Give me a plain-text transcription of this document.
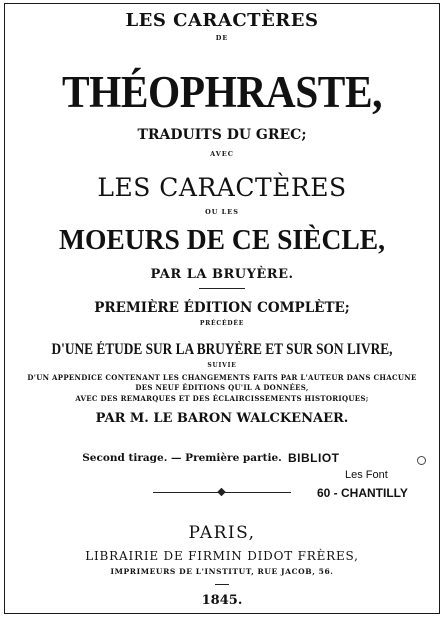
LES CARACTÈRES
DE
THÉOPHRASTE,
TRADUITS DU GREC;
AVEC
LES CARACTÈRES
OU LES
MOEURS DE CE SIÈCLE,
PAR LA BRUYÈRE.
PREMIÈRE ÉDITION COMPLÈTE;
PRÉCÉDÉE
D'UNE ÉTUDE SUR LA BRUYÈRE ET SUR SON LIVRE,
SUIVIE
D'UN APPENDICE CONTENANT LES CHANGEMENTS FAITS PAR L'AUTEUR DANS CHACUNE
DES NEUF ÉDITIONS QU'IL A DONNÉES,
AVEC DES REMARQUES ET DES ÉCLAIRCISSEMENTS HISTORIQUES;
PAR M. LE BARON WALCKENAER.
Second tirage. — Première partie.
PARIS,
LIBRAIRIE DE FIRMIN DIDOT FRÈRES,
IMPRIMEURS DE L'INSTITUT, RUE JACOB, 56.
1845.
BIBLIOT
Les Font
60 - CHANTILLY
